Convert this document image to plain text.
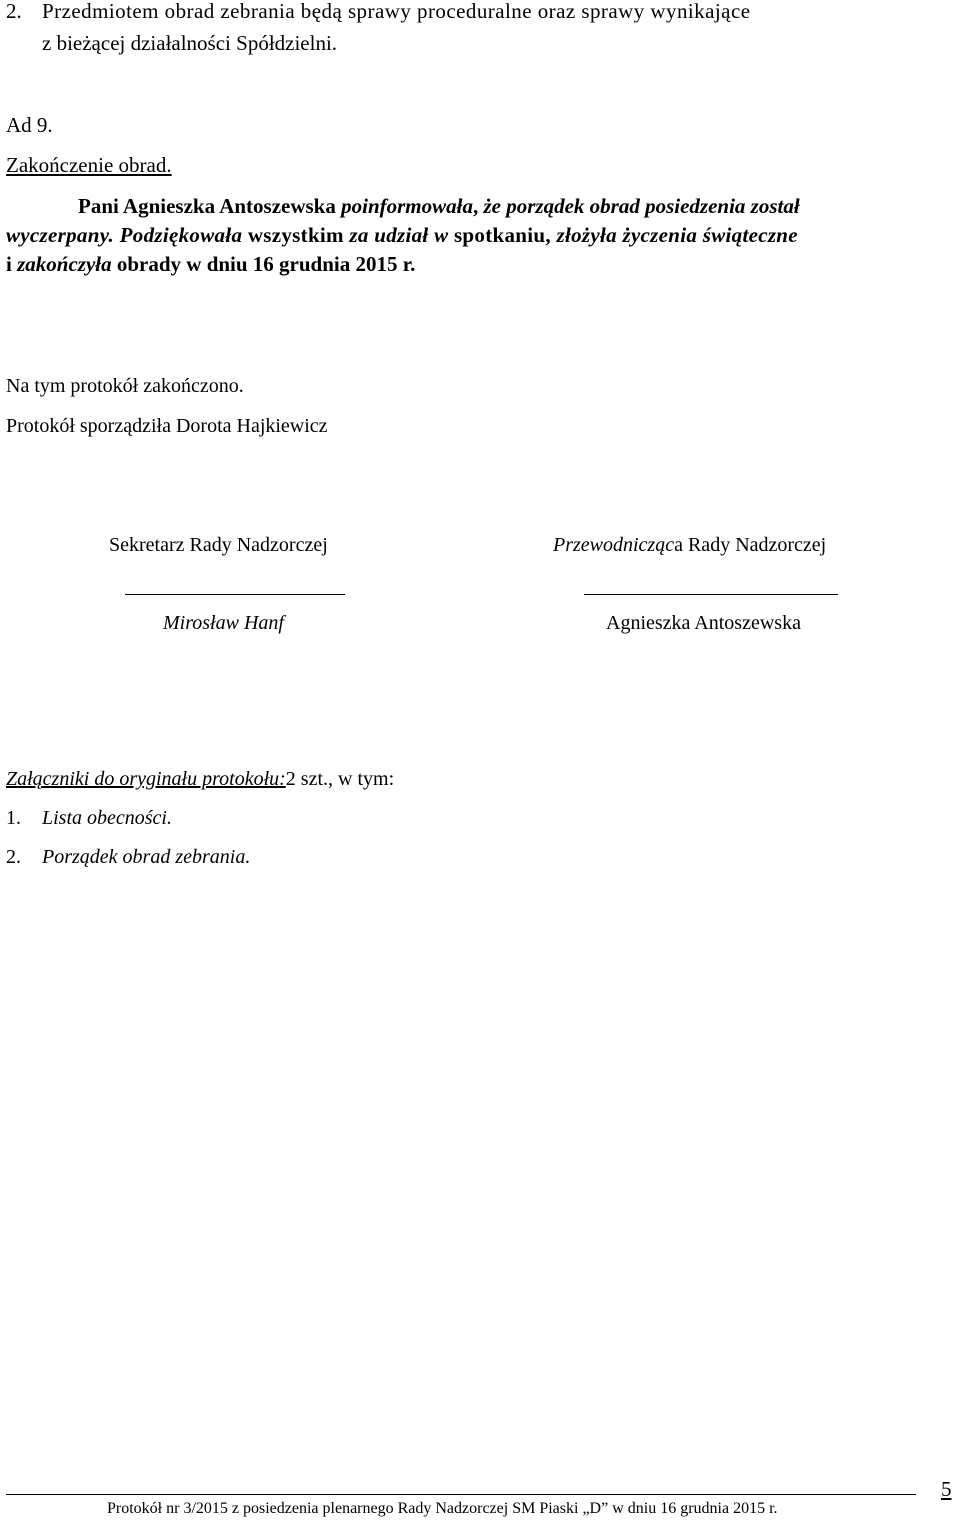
2. Przedmiotem obrad zebrania będą sprawy proceduralne oraz sprawy wynikające
z bieżącej działalności Spółdzielni.
Ad 9.
Zakończenie obrad.
Pani Agnieszka Antoszewska poinformowała, że porządek obrad posiedzenia został
wyczerpany. Podziękowała wszystkim za udział w spotkaniu, złożyła życzenia świąteczne
i zakończyła obrady w dniu 16 grudnia 2015 r.
Na tym protokół zakończono.
Protokół sporządziła Dorota Hajkiewicz
Sekretarz Rady Nadzorczej
Mirosław Hanf
Przewodnicząca Rady Nadzorczej
Agnieszka Antoszewska
Załączniki do oryginału protokołu:2 szt., w tym:
1. Lista obecności.
2. Porządek obrad zebrania.
Protokół nr 3/2015 z posiedzenia plenarnego Rady Nadzorczej SM Piaski „D” w dniu 16 grudnia 2015 r.
5
